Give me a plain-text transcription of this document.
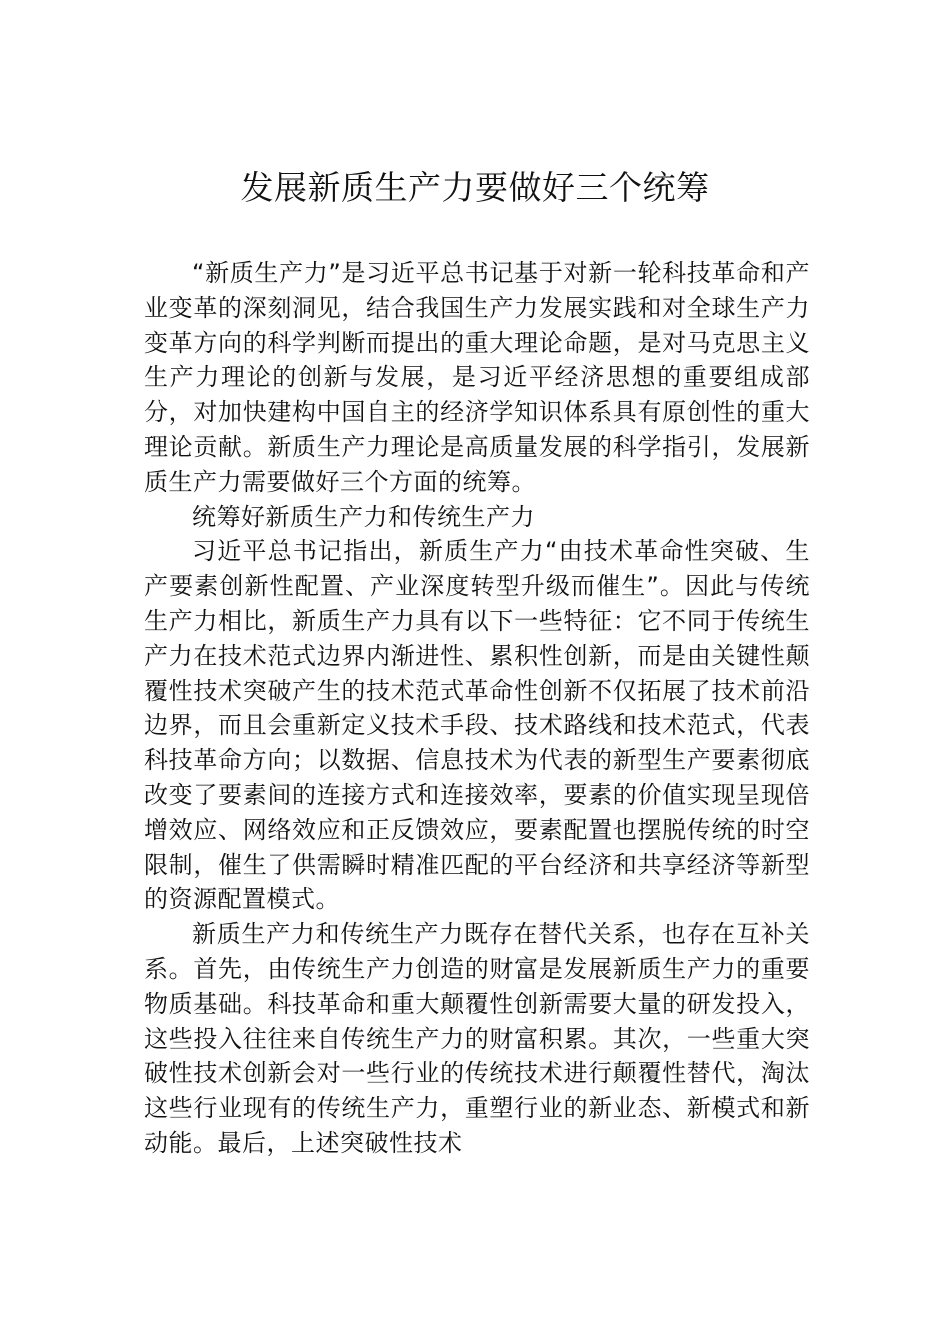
发展新质生产力要做好三个统筹

“新质生产力”是习近平总书记基于对新一轮科技革命和产业变革的深刻洞见，结合我国生产力发展实践和对全球生产力变革方向的科学判断而提出的重大理论命题，是对马克思主义生产力理论的创新与发展，是习近平经济思想的重要组成部分，对加快建构中国自主的经济学知识体系具有原创性的重大理论贡献。新质生产力理论是高质量发展的科学指引，发展新质生产力需要做好三个方面的统筹。

统筹好新质生产力和传统生产力

习近平总书记指出，新质生产力“由技术革命性突破、生产要素创新性配置、产业深度转型升级而催生”。因此与传统生产力相比，新质生产力具有以下一些特征：它不同于传统生产力在技术范式边界内渐进性、累积性创新，而是由关键性颠覆性技术突破产生的技术范式革命性创新不仅拓展了技术前沿边界，而且会重新定义技术手段、技术路线和技术范式，代表科技革命方向；以数据、信息技术为代表的新型生产要素彻底改变了要素间的连接方式和连接效率，要素的价值实现呈现倍增效应、网络效应和正反馈效应，要素配置也摆脱传统的时空限制，催生了供需瞬时精准匹配的平台经济和共享经济等新型的资源配置模式。

新质生产力和传统生产力既存在替代关系，也存在互补关系。首先，由传统生产力创造的财富是发展新质生产力的重要物质基础。科技革命和重大颠覆性创新需要大量的研发投入，这些投入往往来自传统生产力的财富积累。其次，一些重大突破性技术创新会对一些行业的传统技术进行颠覆性替代，淘汰这些行业现有的传统生产力，重塑行业的新业态、新模式和新动能。最后，上述突破性技术
